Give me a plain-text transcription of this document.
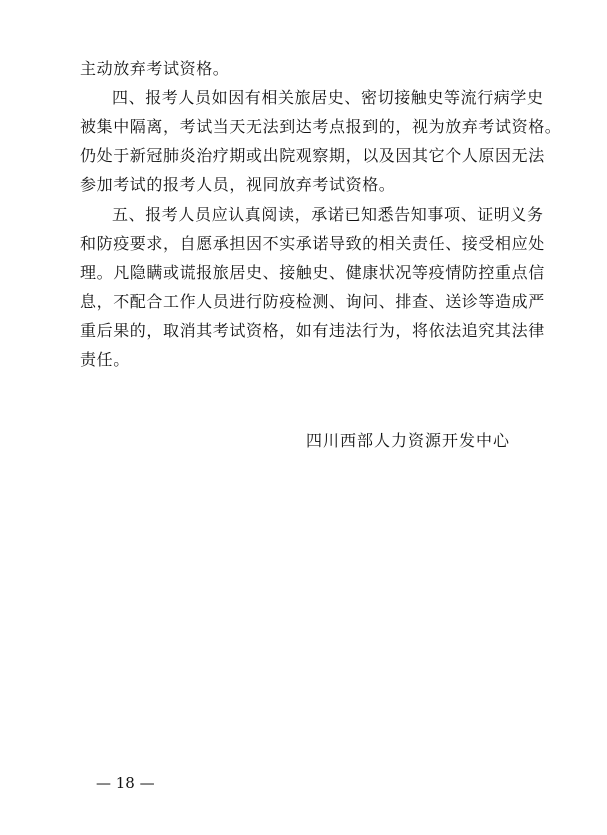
主动放弃考试资格。
四、报考人员如因有相关旅居史、密切接触史等流行病学史
被集中隔离，考试当天无法到达考点报到的，视为放弃考试资格。
仍处于新冠肺炎治疗期或出院观察期，以及因其它个人原因无法
参加考试的报考人员，视同放弃考试资格。
五、报考人员应认真阅读，承诺已知悉告知事项、证明义务
和防疫要求，自愿承担因不实承诺导致的相关责任、接受相应处
理。凡隐瞒或谎报旅居史、接触史、健康状况等疫情防控重点信
息，不配合工作人员进行防疫检测、询问、排查、送诊等造成严
重后果的，取消其考试资格，如有违法行为，将依法追究其法律
责任。
四川西部人力资源开发中心
— 18 —
